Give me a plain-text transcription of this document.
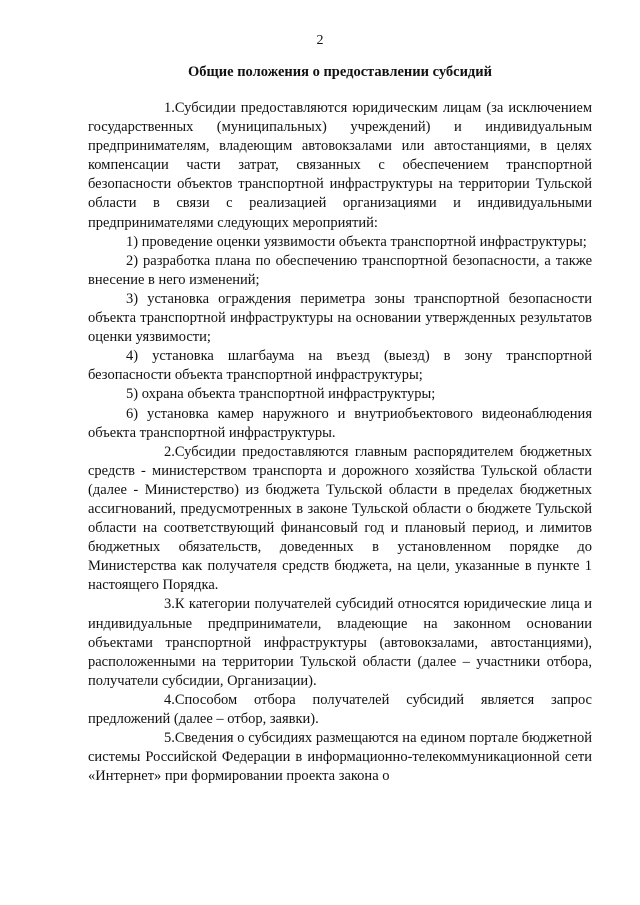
2
Общие положения о предоставлении субсидий

1.Субсидии предоставляются юридическим лицам (за исключением государственных (муниципальных) учреждений) и индивидуальным предпринимателям, владеющим автовокзалами или автостанциями, в целях компенсации части затрат, связанных с обеспечением транспортной безопасности объектов транспортной инфраструктуры на территории Тульской области в связи с реализацией организациями и индивидуальными предпринимателями следующих мероприятий:

1) проведение оценки уязвимости объекта транспортной инфраструктуры;

2) разработка плана по обеспечению транспортной безопасности, а также внесение в него изменений;

3) установка ограждения периметра зоны транспортной безопасности объекта транспортной инфраструктуры на основании утвержденных результатов оценки уязвимости;

4) установка шлагбаума на въезд (выезд) в зону транспортной безопасности объекта транспортной инфраструктуры;

5) охрана объекта транспортной инфраструктуры;

6) установка камер наружного и внутриобъектового видеонаблюдения объекта транспортной инфраструктуры.

2.Субсидии предоставляются главным распорядителем бюджетных средств - министерством транспорта и дорожного хозяйства Тульской области (далее - Министерство) из бюджета Тульской области в пределах бюджетных ассигнований, предусмотренных в законе Тульской области о бюджете Тульской области на соответствующий финансовый год и плановый период, и лимитов бюджетных обязательств, доведенных в установленном порядке до Министерства как получателя средств бюджета, на цели, указанные в пункте 1 настоящего Порядка.

3.К категории получателей субсидий относятся юридические лица и индивидуальные предприниматели, владеющие на законном основании объектами транспортной инфраструктуры (автовокзалами, автостанциями), расположенными на территории Тульской области (далее – участники отбора, получатели субсидии, Организации).

4.Способом отбора получателей субсидий является запрос предложений (далее – отбор, заявки).

5.Сведения о субсидиях размещаются на едином портале бюджетной системы Российской Федерации в информационно-телекоммуникационной сети «Интернет» при формировании проекта закона о
